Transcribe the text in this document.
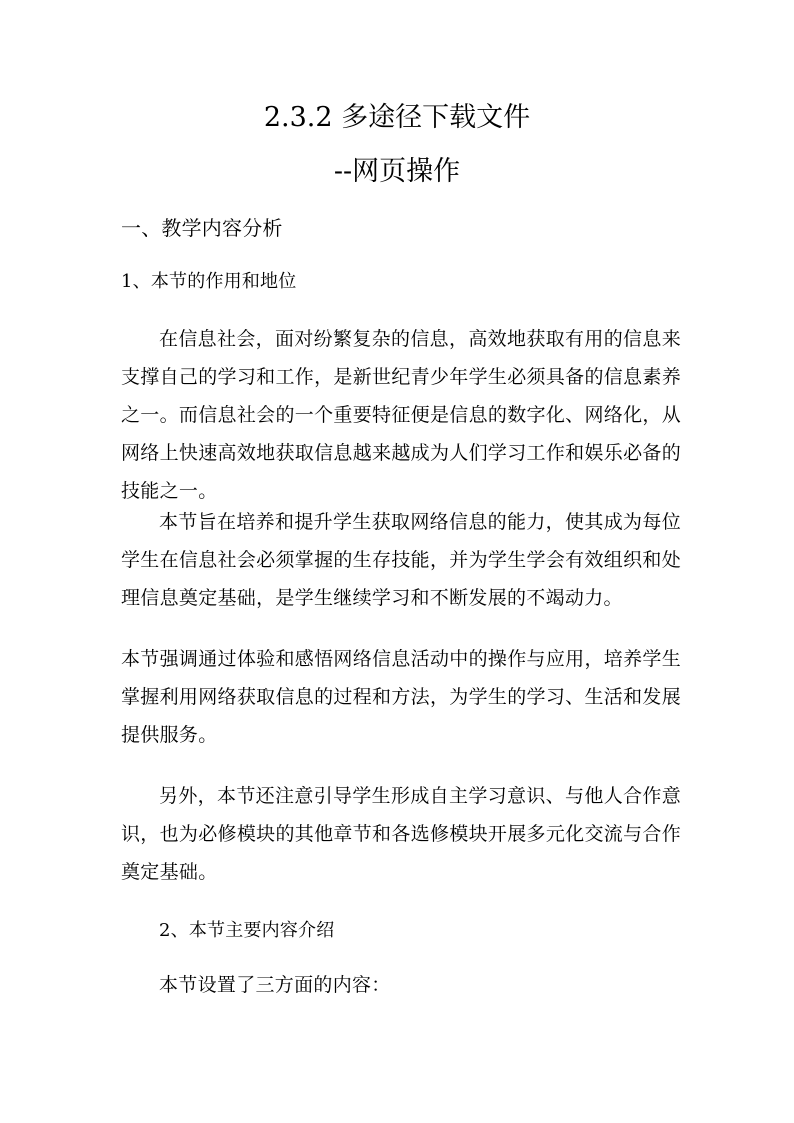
2.3.2 多途径下载文件
--网页操作
一、教学内容分析
1、本节的作用和地位
在信息社会，面对纷繁复杂的信息，高效地获取有用的信息来支撑自己的学习和工作，是新世纪青少年学生必须具备的信息素养之一。而信息社会的一个重要特征便是信息的数字化、网络化，从网络上快速高效地获取信息越来越成为人们学习工作和娱乐必备的技能之一。
本节旨在培养和提升学生获取网络信息的能力，使其成为每位学生在信息社会必须掌握的生存技能，并为学生学会有效组织和处理信息奠定基础，是学生继续学习和不断发展的不竭动力。
本节强调通过体验和感悟网络信息活动中的操作与应用，培养学生掌握利用网络获取信息的过程和方法，为学生的学习、生活和发展提供服务。
另外，本节还注意引导学生形成自主学习意识、与他人合作意识，也为必修模块的其他章节和各选修模块开展多元化交流与合作奠定基础。
2、本节主要内容介绍
本节设置了三方面的内容：
